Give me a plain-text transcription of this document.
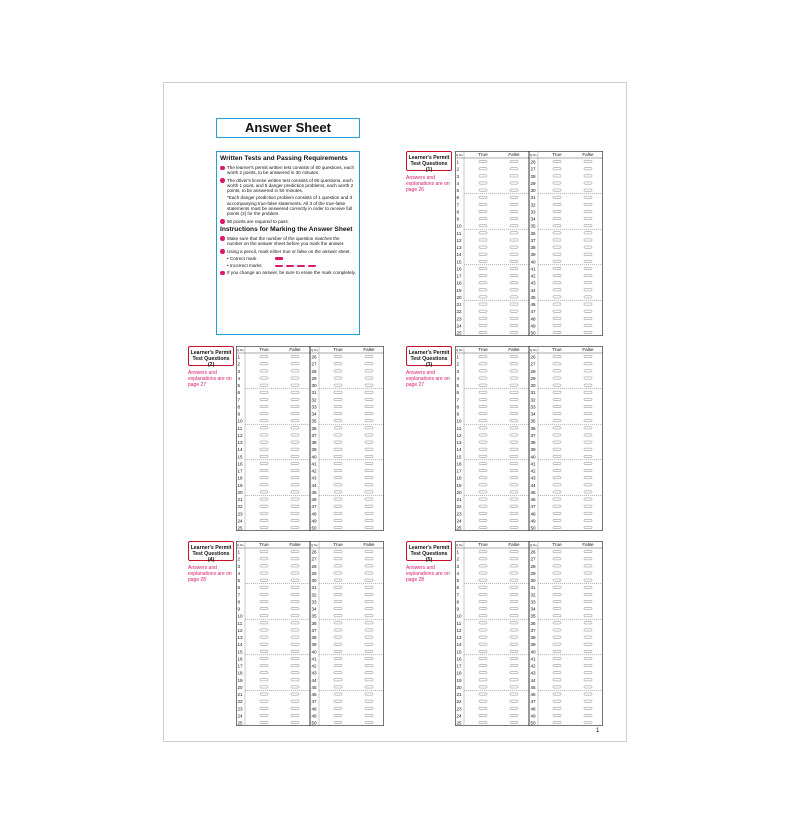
Answer Sheet
Written Tests and Passing Requirements
The learner's permit written test consists of 50 questions, each worth 2 points, to be answered in 30 minutes.
The driver's license written test consists of 90 questions, each worth 1 point, and 5 danger prediction problems, each worth 2 points, to be answered in 50 minutes.
*Each danger prediction problem consists of 1 question and 3 accompanying true-false statements. All 3 of the true-false statements must be answered correctly in order to receive full points (2) for the problem.
90 points are required to pass.
Instructions for Marking the Answer Sheet
Make sure that the number of the question matches the number on the answer sheet before you mark the answer.
Using a pencil, mark either true or false on the answer sheet.
• Correct mark
• Incorrect marks
If you change an answer, be sure to erase the mark completely.
Learner's Permit Test Questions (1)
Answers and explanations are on page 26
Q.No.	True	False
1
2
3
4
5
6
7
8
9
10
11
12
13
14
15
16
17
18
19
20
21
22
23
24
25
Q.No.	True	False
26
27
28
29
30
31
32
33
34
35
36
37
38
39
40
41
42
43
44
45
46
47
48
49
50
Learner's Permit Test Questions (2)
Answers and explanations are on page 27
Q.No.	True	False
1
2
3
4
5
6
7
8
9
10
11
12
13
14
15
16
17
18
19
20
21
22
23
24
25
Q.No.	True	False
26
27
28
29
30
31
32
33
34
35
36
37
38
39
40
41
42
43
44
45
46
47
48
49
50
Learner's Permit Test Questions (3)
Answers and explanations are on page 27
Q.No.	True	False
1
2
3
4
5
6
7
8
9
10
11
12
13
14
15
16
17
18
19
20
21
22
23
24
25
Q.No.	True	False
26
27
28
29
30
31
32
33
34
35
36
37
38
39
40
41
42
43
44
45
46
47
48
49
50
Learner's Permit Test Questions (4)
Answers and explanations are on page 28
Q.No.	True	False
1
2
3
4
5
6
7
8
9
10
11
12
13
14
15
16
17
18
19
20
21
22
23
24
25
Q.No.	True	False
26
27
28
29
30
31
32
33
34
35
36
37
38
39
40
41
42
43
44
45
46
47
48
49
50
Learner's Permit Test Questions (5)
Answers and explanations are on page 28
Q.No.	True	False
1
2
3
4
5
6
7
8
9
10
11
12
13
14
15
16
17
18
19
20
21
22
23
24
25
Q.No.	True	False
26
27
28
29
30
31
32
33
34
35
36
37
38
39
40
41
42
43
44
45
46
47
48
49
50
1
